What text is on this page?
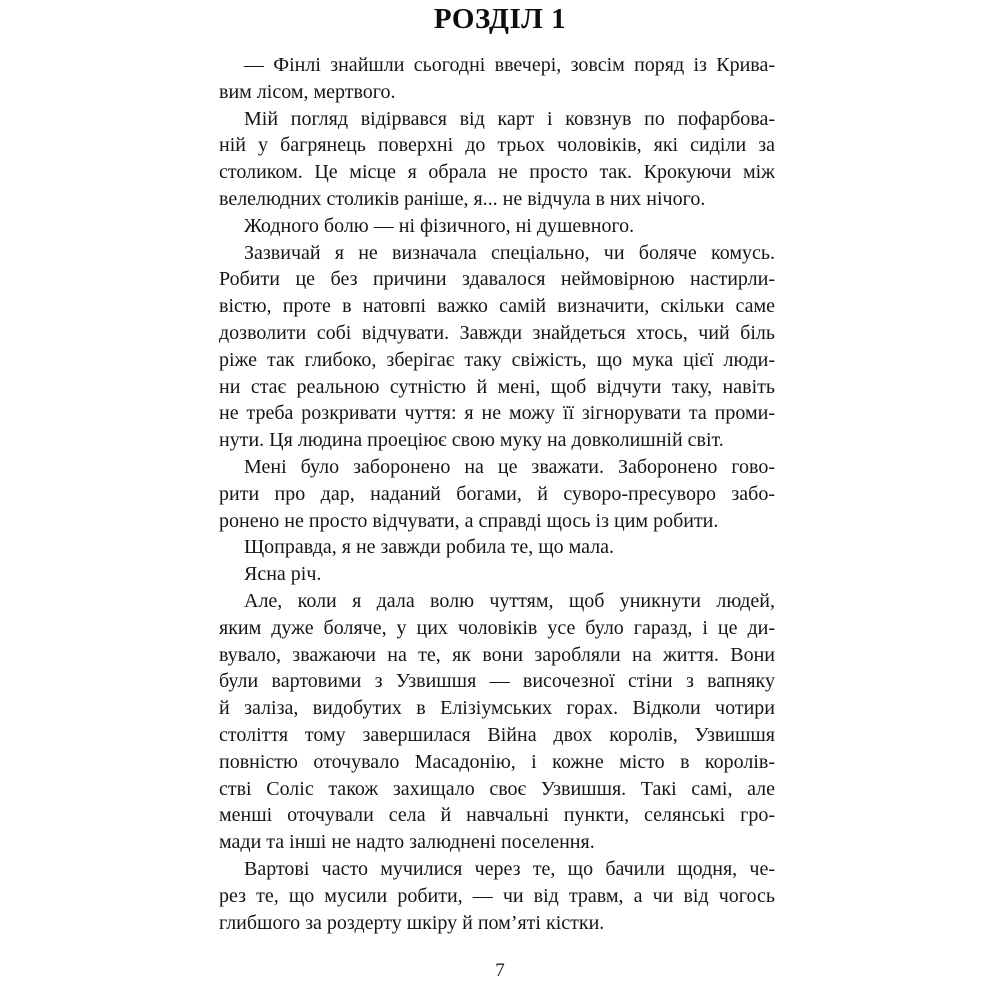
РОЗДІЛ 1

— Фінлі знайшли сьогодні ввечері, зовсім поряд із Крива-
вим лісом, мертвого.

Мій погляд відірвався від карт і ковзнув по пофарбова-
ній у багрянець поверхні до трьох чоловіків, які сиділи за
столиком. Це місце я обрала не просто так. Крокуючи між
велелюдних столиків раніше, я... не відчула в них нічого.

Жодного болю — ні фізичного, ні душевного.

Зазвичай я не визначала спеціально, чи боляче комусь.
Робити це без причини здавалося неймовірною настирли-
вістю, проте в натовпі важко самій визначити, скільки саме
дозволити собі відчувати. Завжди знайдеться хтось, чий біль
ріже так глибоко, зберігає таку свіжість, що мука цієї люди-
ни стає реальною сутністю й мені, щоб відчути таку, навіть
не треба розкривати чуття: я не можу її зігнорувати та проми-
нути. Ця людина проеціює свою муку на довколишній світ.

Мені було заборонено на це зважати. Заборонено гово-
рити про дар, наданий богами, й суворо-пресуворо забо-
ронено не просто відчувати, а справді щось із цим робити.

Щоправда, я не завжди робила те, що мала.

Ясна річ.

Але, коли я дала волю чуттям, щоб уникнути людей,
яким дуже боляче, у цих чоловіків усе було гаразд, і це ди-
вувало, зважаючи на те, як вони заробляли на життя. Вони
були вартовими з Узвишшя — височезної стіни з вапняку
й заліза, видобутих в Елізіумських горах. Відколи чотири
століття тому завершилася Війна двох королів, Узвишшя
повністю оточувало Масадонію, і кожне місто в королів-
стві Соліс також захищало своє Узвишшя. Такі самі, але
менші оточували села й навчальні пункти, селянські гро-
мади та інші не надто залюднені поселення.

Вартові часто мучилися через те, що бачили щодня, че-
рез те, що мусили робити, — чи від травм, а чи від чогось
глибшого за роздерту шкіру й пом’яті кістки.

7
